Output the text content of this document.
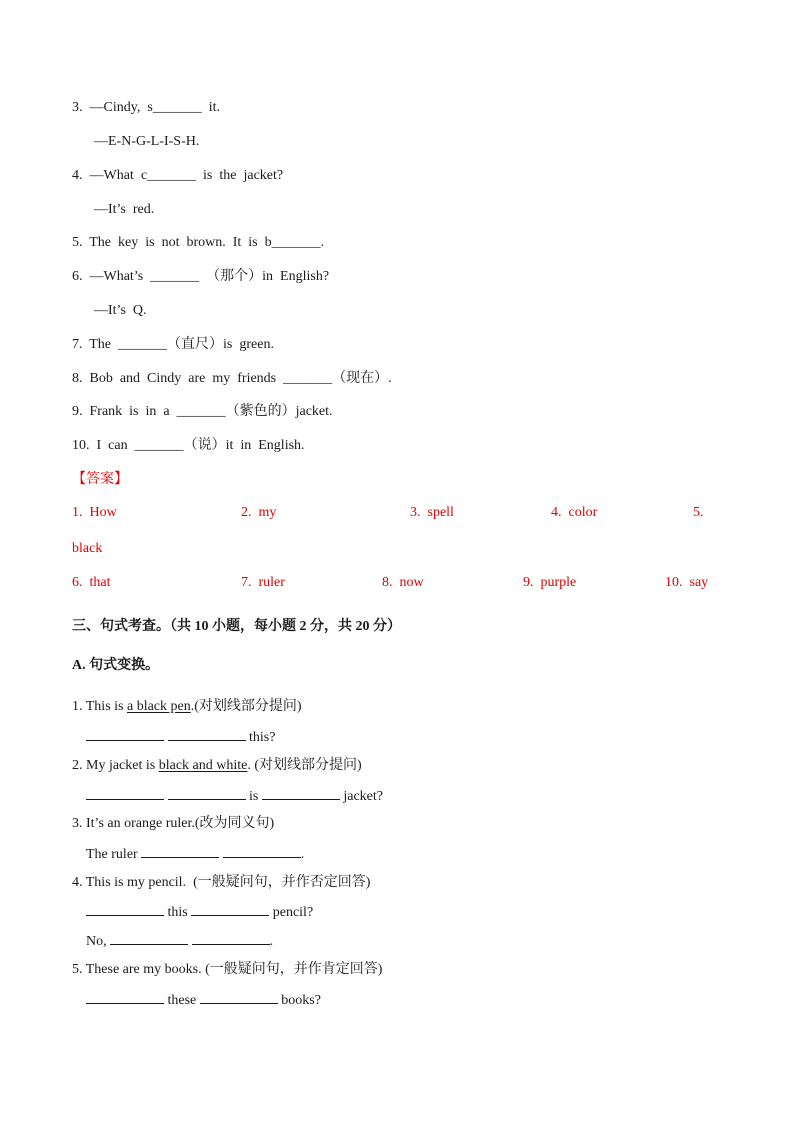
3. —Cindy,  s_______  it.
—E-N-G-L-I-S-H.
4. —What  c_______  is  the  jacket?
—It’s  red.
5. The  key  is  not  brown.  It  is  b_______.
6. —What’s  _______  （那个）in  English?
—It’s  Q.
7. The  _______（直尺）is  green.
8. Bob  and  Cindy  are  my  friends  _______（现在）.
9. Frank  is  in  a  _______（紫色的）jacket.
10. I  can  _______（说）it  in  English.
【答案】
1.  How	2.  my	3.  spell	4.  color	5.
black
6.  that	7.  ruler	8.  now	9.  purple	10.  say
三、句式考查。（共 10 小题，每小题 2 分，共 20 分）
A. 句式变换。
1. This is a black pen.(对划线部分提问)
this?
2. My jacket is black and white. (对划线部分提问)
is	jacket?
3. It’s an orange ruler.(改为同义句)
The ruler	.
4. This is my pencil.  (一般疑问句，并作否定回答)
this	pencil?
No,	.
5. These are my books. (一般疑问句，并作肯定回答)
these	books?
